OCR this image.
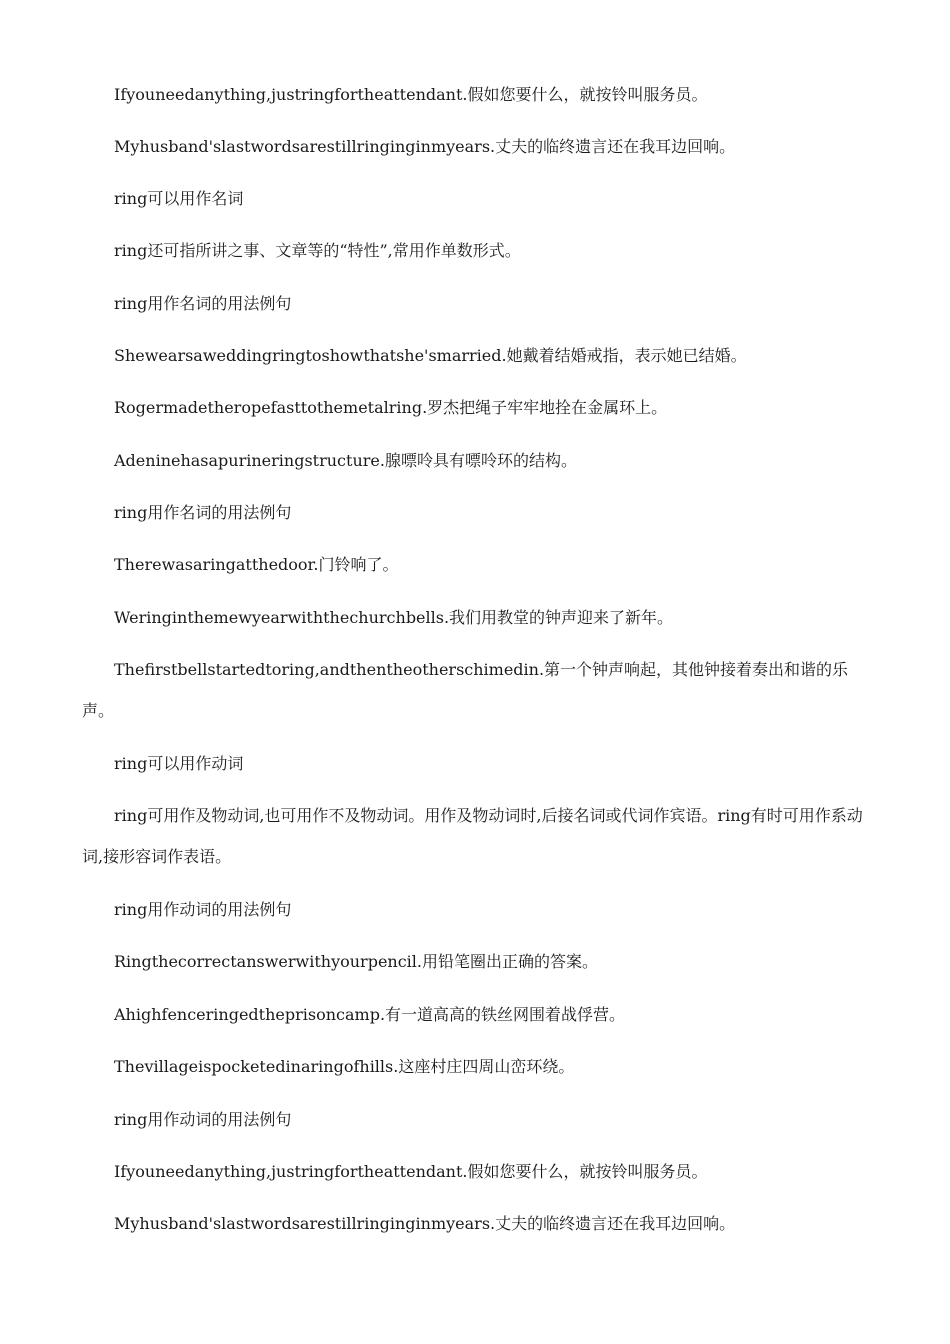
Ifyouneedanything,justringfortheattendant.假如您要什么，就按铃叫服务员。
Myhusband'slastwordsarestillringinginmyears.丈夫的临终遗言还在我耳边回响。
ring可以用作名词
ring还可指所讲之事、文章等的“特性”,常用作单数形式。
ring用作名词的用法例句
Shewearsaweddingringtoshowthatshe'smarried.她戴着结婚戒指，表示她已结婚。
Rogermadetheropefasttothemetalring.罗杰把绳子牢牢地拴在金属环上。
Adeninehasapurineringstructure.腺嘌呤具有嘌呤环的结构。
ring用作名词的用法例句
Therewasaringatthedoor.门铃响了。
Weringinthemewyearwiththechurchbells.我们用教堂的钟声迎来了新年。
Thefirstbellstartedtoring,andthentheotherschimedin.第一个钟声响起，其他钟接着奏出和谐的乐声。
ring可以用作动词
ring可用作及物动词,也可用作不及物动词。用作及物动词时,后接名词或代词作宾语。ring有时可用作系动词,接形容词作表语。
ring用作动词的用法例句
Ringthecorrectanswerwithyourpencil.用铅笔圈出正确的答案。
Ahighfenceringedtheprisoncamp.有一道高高的铁丝网围着战俘营。
Thevillageispocketedinaringofhills.这座村庄四周山峦环绕。
ring用作动词的用法例句
Ifyouneedanything,justringfortheattendant.假如您要什么，就按铃叫服务员。
Myhusband'slastwordsarestillringinginmyears.丈夫的临终遗言还在我耳边回响。
